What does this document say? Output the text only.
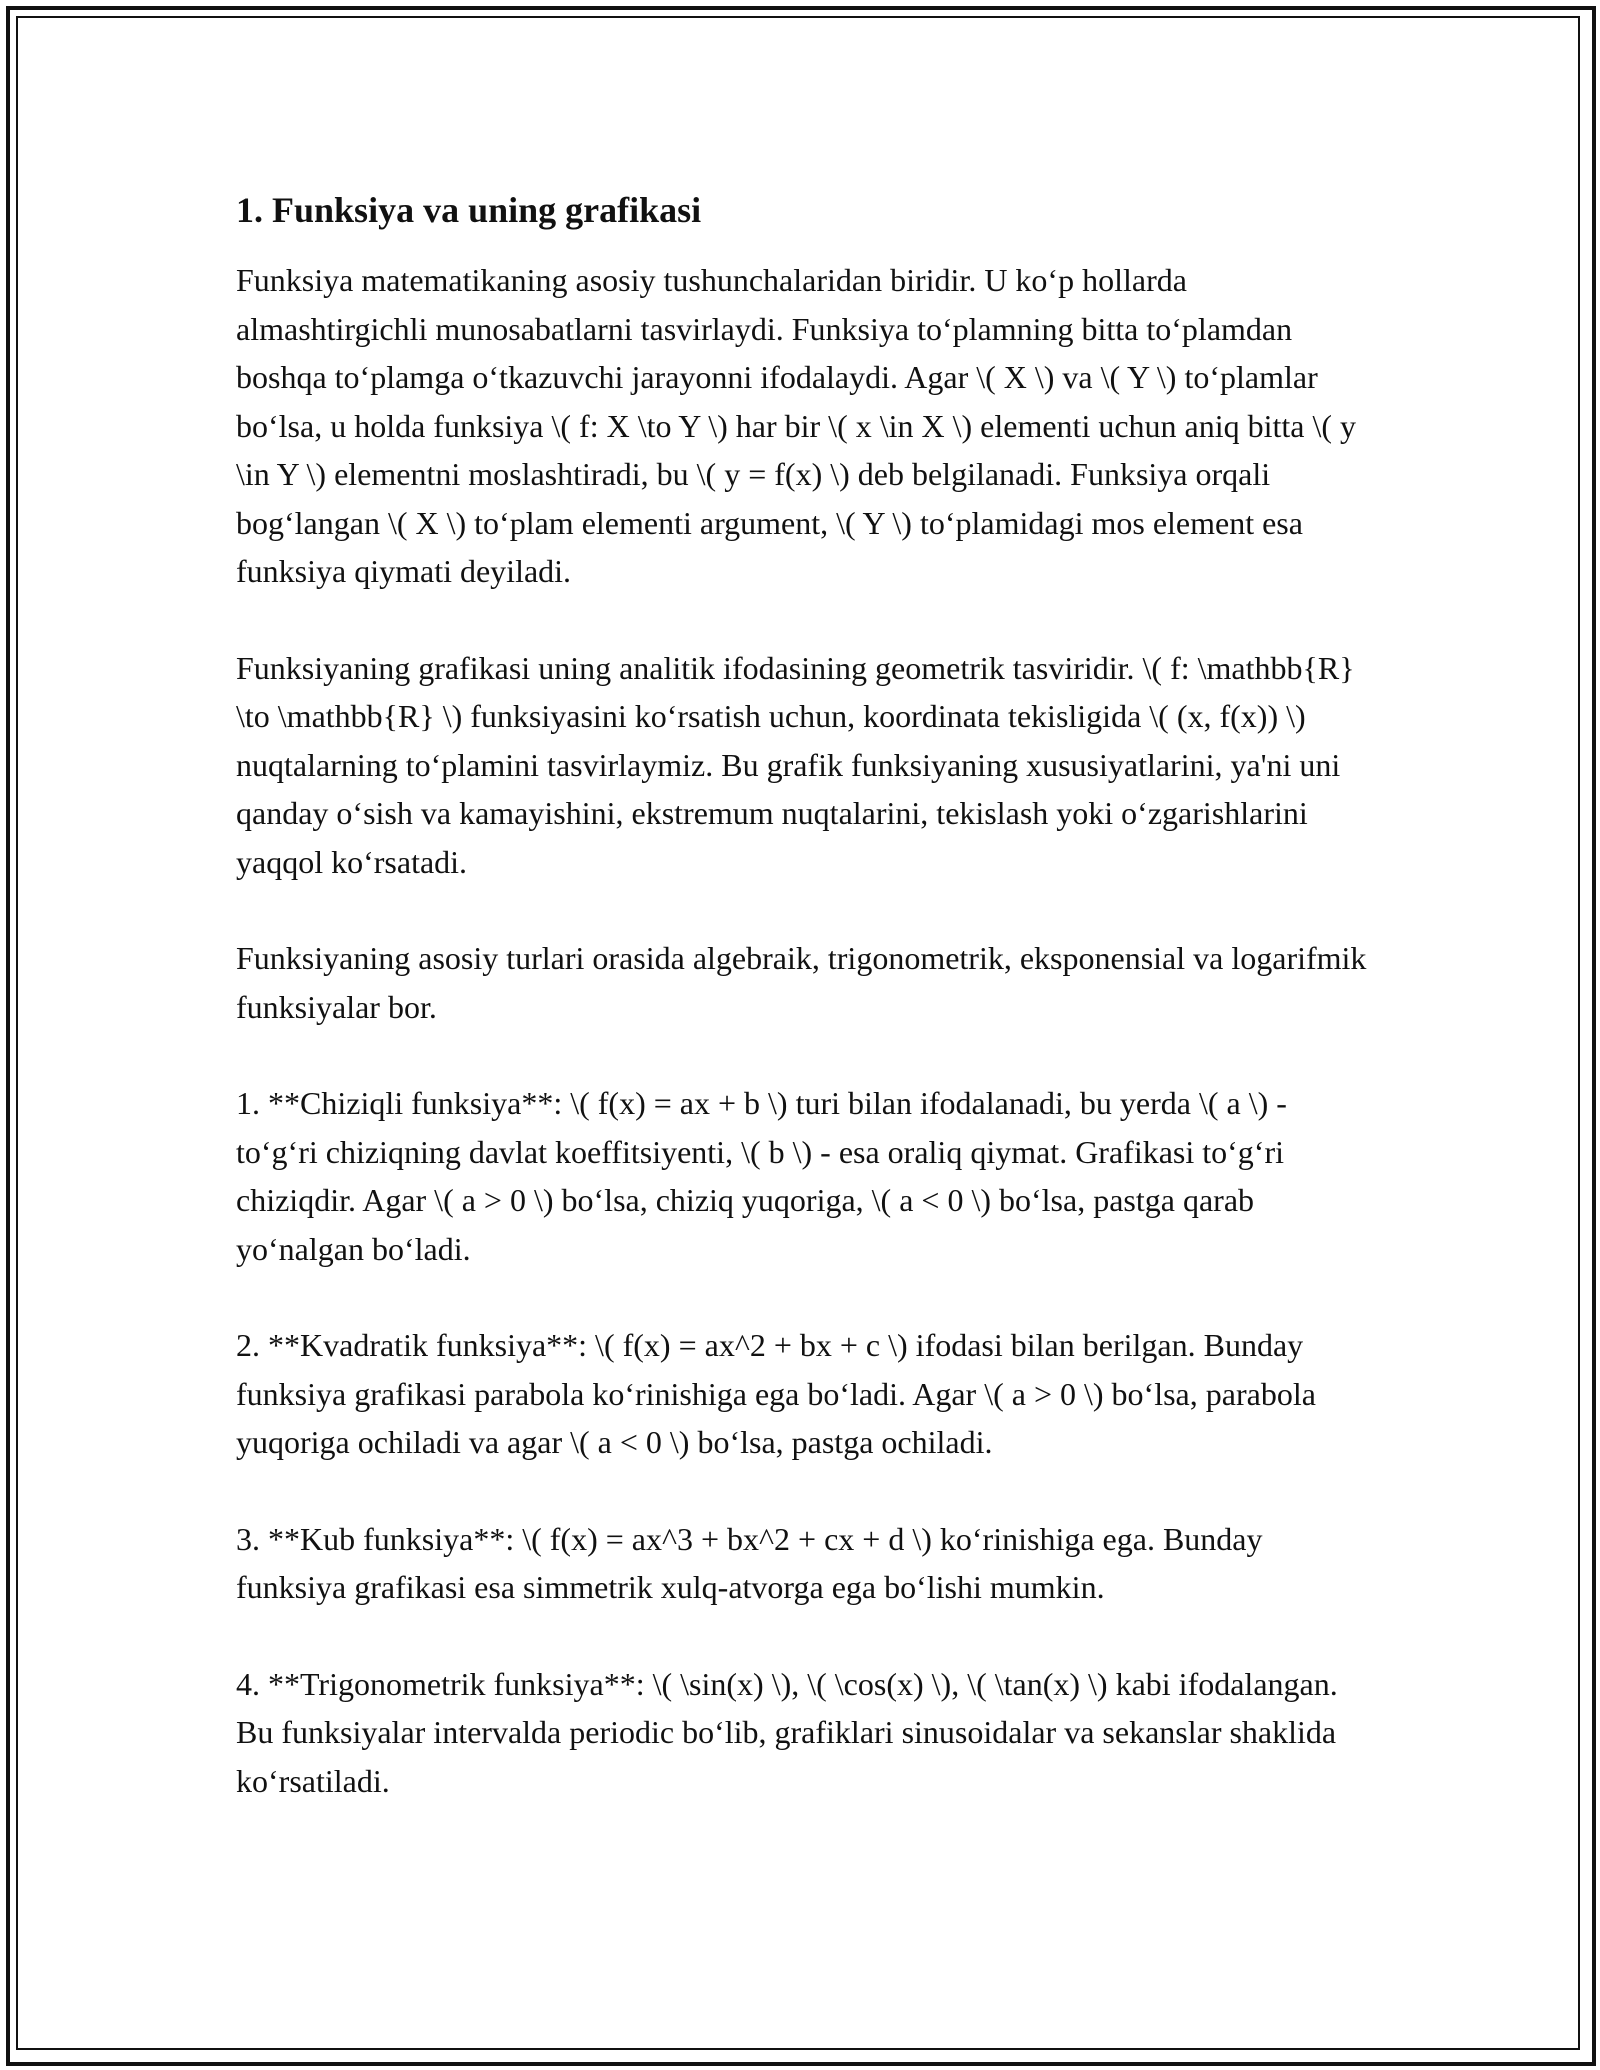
1. Funksiya va uning grafikasi

Funksiya matematikaning asosiy tushunchalaridan biridir. U ko‘p hollarda almashtirgichli munosabatlarni tasvirlaydi. Funksiya to‘plamning bitta to‘plamdan boshqa to‘plamga o‘tkazuvchi jarayonni ifodalaydi. Agar \( X \) va \( Y \) to‘plamlar bo‘lsa, u holda funksiya \( f: X \to Y \) har bir \( x \in X \) elementi uchun aniq bitta \( y \in Y \) elementni moslashtiradi, bu \( y = f(x) \) deb belgilanadi. Funksiya orqali bog‘langan \( X \) to‘plam elementi argument, \( Y \) to‘plamidagi mos element esa funksiya qiymati deyiladi.

Funksiyaning grafikasi uning analitik ifodasining geometrik tasviridir. \( f: \mathbb{R} \to \mathbb{R} \) funksiyasini ko‘rsatish uchun, koordinata tekisligida \( (x, f(x)) \) nuqtalarning to‘plamini tasvirlaymiz. Bu grafik funksiyaning xususiyatlarini, ya'ni uni qanday o‘sish va kamayishini, ekstremum nuqtalarini, tekislash yoki o‘zgarishlarini yaqqol ko‘rsatadi.

Funksiyaning asosiy turlari orasida algebraik, trigonometrik, eksponensial va logarifmik funksiyalar bor.

1. **Chiziqli funksiya**: \( f(x) = ax + b \) turi bilan ifodalanadi, bu yerda \( a \) - to‘g‘ri chiziqning davlat koeffitsiyenti, \( b \) - esa oraliq qiymat. Grafikasi to‘g‘ri chiziqdir. Agar \( a > 0 \) bo‘lsa, chiziq yuqoriga, \( a < 0 \) bo‘lsa, pastga qarab yo‘nalgan bo‘ladi.

2. **Kvadratik funksiya**: \( f(x) = ax^2 + bx + c \) ifodasi bilan berilgan. Bunday funksiya grafikasi parabola ko‘rinishiga ega bo‘ladi. Agar \( a > 0 \) bo‘lsa, parabola yuqoriga ochiladi va agar \( a < 0 \) bo‘lsa, pastga ochiladi.

3. **Kub funksiya**: \( f(x) = ax^3 + bx^2 + cx + d \) ko‘rinishiga ega. Bunday funksiya grafikasi esa simmetrik xulq-atvorga ega bo‘lishi mumkin.

4. **Trigonometrik funksiya**: \( \sin(x) \), \( \cos(x) \), \( \tan(x) \) kabi ifodalangan. Bu funksiyalar intervalda periodic bo‘lib, grafiklari sinusoidalar va sekanslar shaklida ko‘rsatiladi.
